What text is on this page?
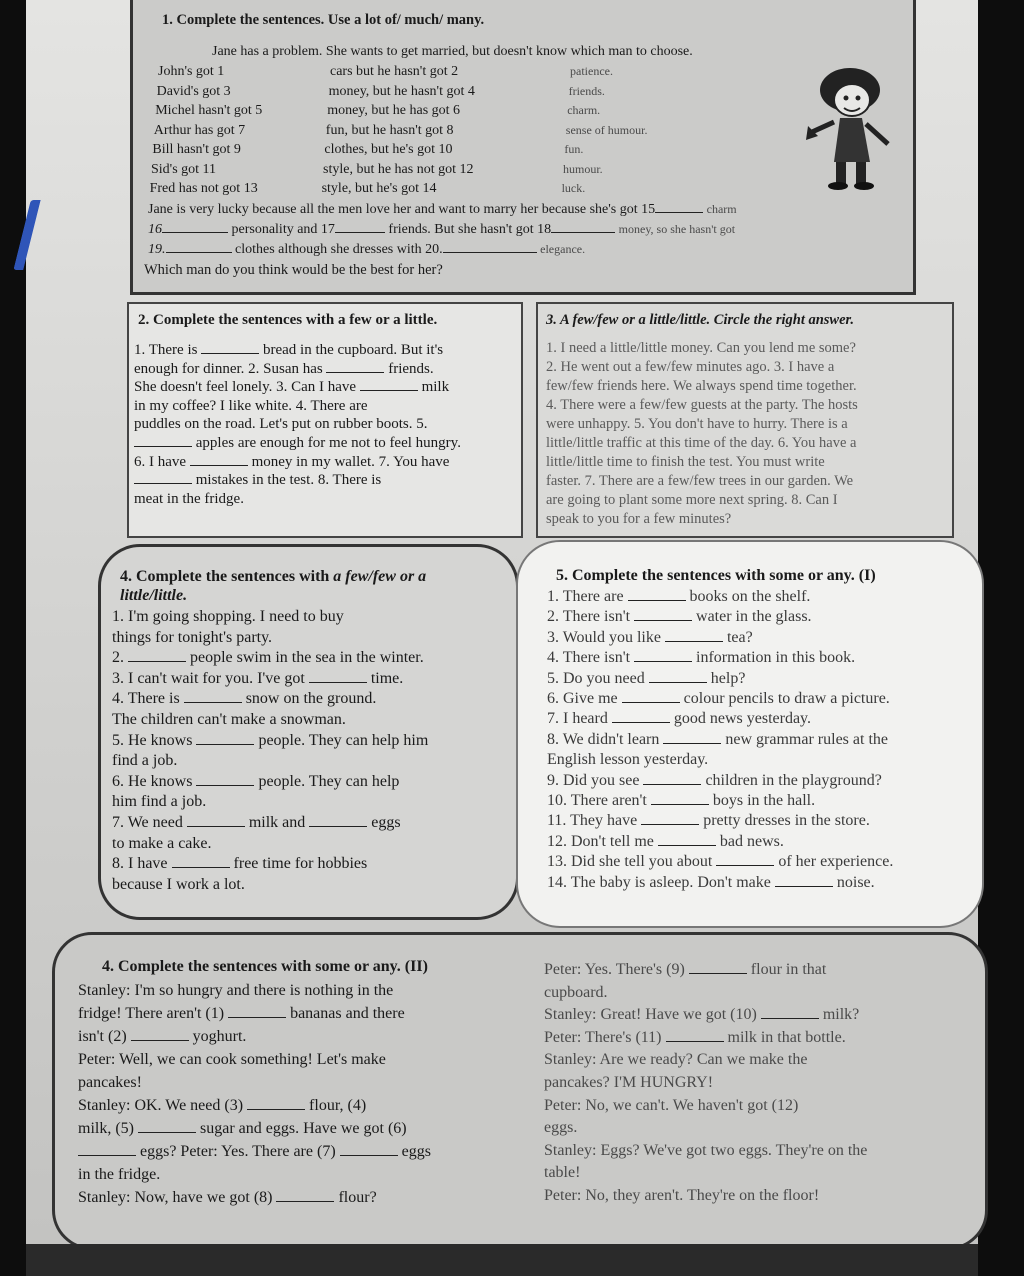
1. Complete the sentences. Use a lot of/ much/ many.
Jane has a problem. She wants to get married, but doesn't know which man to choose.
John's got 1	cars but he hasn't got 2	patience.
David's got 3	money, but he hasn't got 4	friends.
Michel hasn't got 5	money, but he has got 6	charm.
Arthur has got 7	fun, but he hasn't got 8	sense of humour.
Bill hasn't got 9	clothes, but he's got 10	fun.
Sid's got 11	style, but he has not got 12	humour.
Fred has not got 13	style, but he's got 14	luck.
Jane is very lucky because all the men love her and want to marry her because she's got 15	charm
16	personality and 17	friends. But she hasn't got 18	money, so she hasn't got
19.	clothes although she dresses with 20.	elegance.
Which man do you think would be the best for her?
2. Complete the sentences with a few or a little.
1. There is	bread in the cupboard. But it's
enough for dinner. 2. Susan has	friends.
She doesn't feel lonely. 3. Can I have	milk
in my coffee? I like white. 4. There are
puddles on the road. Let's put on rubber boots. 5.
apples are enough for me not to feel hungry.
6. I have	money in my wallet. 7. You have
mistakes in the test. 8. There is
meat in the fridge.
3. A few/few or a little/little. Circle the right answer.
1. I need a little/little money. Can you lend me some?
2. He went out a few/few minutes ago. 3. I have a
few/few friends here. We always spend time together.
4. There were a few/few guests at the party. The hosts
were unhappy. 5. You don't have to hurry. There is a
little/little traffic at this time of the day. 6. You have a
little/little time to finish the test. You must write
faster. 7. There are a few/few trees in our garden. We
are going to plant some more next spring. 8. Can I
speak to you for a few minutes?
4. Complete the sentences with a few/few or a
little/little.
1. I'm going shopping. I need to buy
things for tonight's party.
2.	people swim in the sea in the winter.
3. I can't wait for you. I've got	time.
4. There is	snow on the ground.
The children can't make a snowman.
5. He knows	people. They can help him
find a job.
6. He knows	people. They can help
him find a job.
7. We need	milk and	eggs
to make a cake.
8. I have	free time for hobbies
because I work a lot.
5. Complete the sentences with some or any. (I)
1. There are	books on the shelf.
2. There isn't	water in the glass.
3. Would you like	tea?
4. There isn't	information in this book.
5. Do you need	help?
6. Give me	colour pencils to draw a picture.
7. I heard	good news yesterday.
8. We didn't learn	new grammar rules at the
English lesson yesterday.
9. Did you see	children in the playground?
10. There aren't	boys in the hall.
11. They have	pretty dresses in the store.
12. Don't tell me	bad news.
13. Did she tell you about	of her experience.
14. The baby is asleep. Don't make	noise.
4. Complete the sentences with some or any. (II)
Stanley: I'm so hungry and there is nothing in the
fridge! There aren't (1)	bananas and there
isn't (2)	yoghurt.
Peter: Well, we can cook something! Let's make
pancakes!
Stanley: OK. We need (3)	flour, (4)
milk, (5)	sugar and eggs. Have we got (6)
eggs? Peter: Yes. There are (7)	eggs
in the fridge.
Stanley: Now, have we got (8)	flour?
Peter: Yes. There's (9)	flour in that
cupboard.
Stanley: Great! Have we got (10)	milk?
Peter: There's (11)	milk in that bottle.
Stanley: Are we ready? Can we make the
pancakes? I'M HUNGRY!
Peter: No, we can't. We haven't got (12)
eggs.
Stanley: Eggs? We've got two eggs. They're on the
table!
Peter: No, they aren't. They're on the floor!
